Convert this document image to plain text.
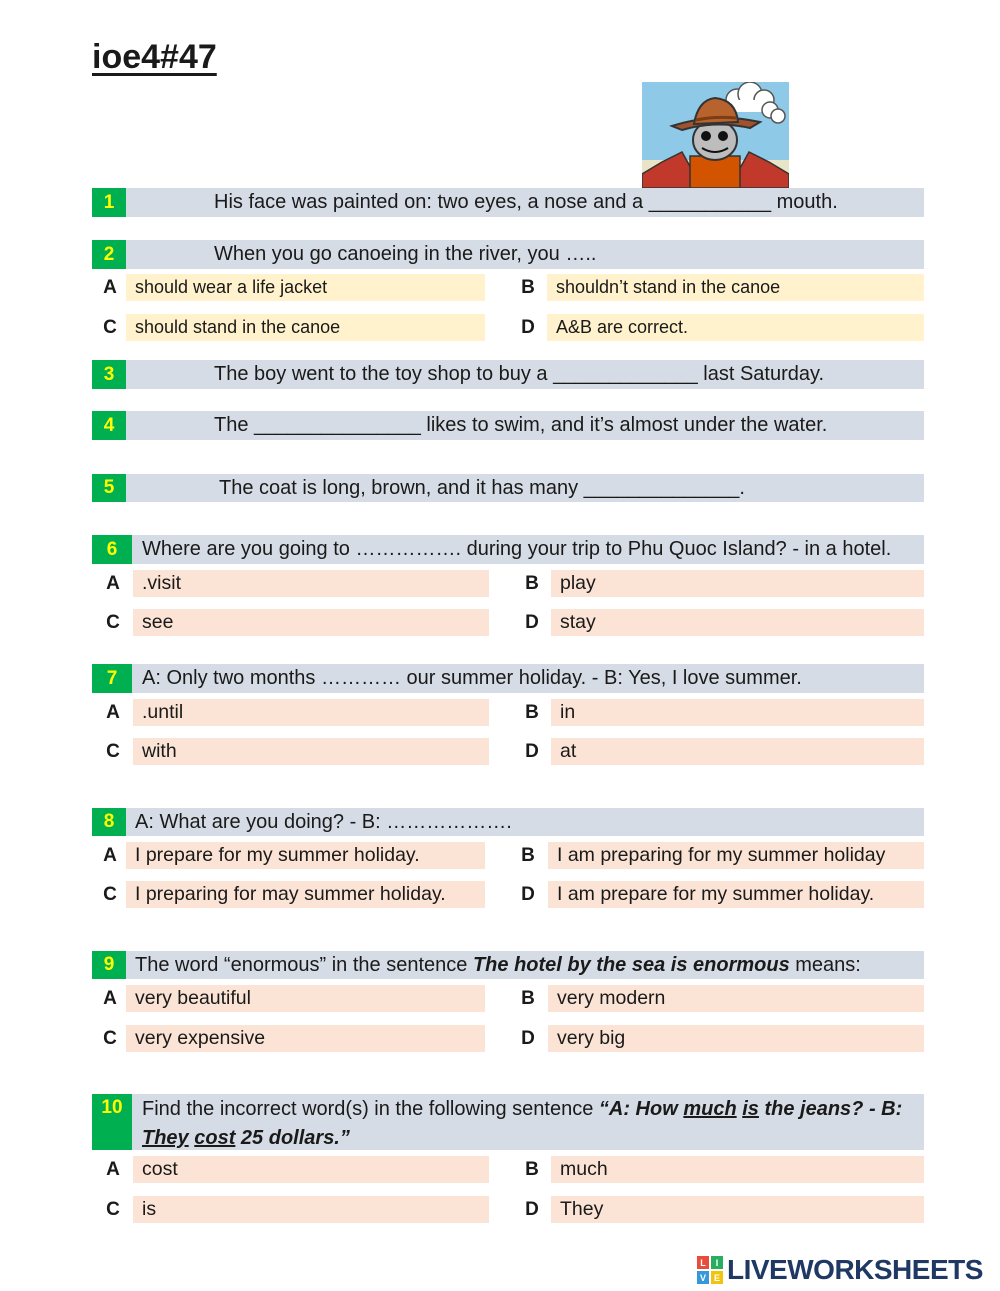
ioe4#47
1	His face was painted on: two eyes, a nose and a ___________ mouth.
2	When you go canoeing in the river, you …..
A	should wear a life jacket	B	shouldn’t stand in the canoe
C	should stand in the canoe	D	A&B are correct.
3	The boy went to the toy shop to buy a _____________ last Saturday.
4	The _______________ likes to swim, and it’s almost under the water.
5	The coat is long, brown, and it has many ______________.
6	Where are you going to ……………. during your trip to Phu Quoc Island? - in a hotel.
A	.visit	B	play
C	see	D	stay
7	A: Only two months ………… our summer holiday. - B: Yes, I love summer.
A	.until	B	in
C	with	D	at
8	A: What are you doing? - B: ……………….
A I prepare for my summer holiday.	B	I am preparing for my summer holiday
C I preparing for may summer holiday.	D	I am prepare for my summer holiday.
9	The word “enormous” in the sentence The hotel by the sea is enormous means:
A very beautiful	B	very modern
C very expensive	D	very big
10 Find the incorrect word(s) in the following sentence “A: How much is the jeans? - B: They cost 25 dollars.”
A	cost	B	much
C	is	D	They
L I
V E LIVEWORKSHEETS
